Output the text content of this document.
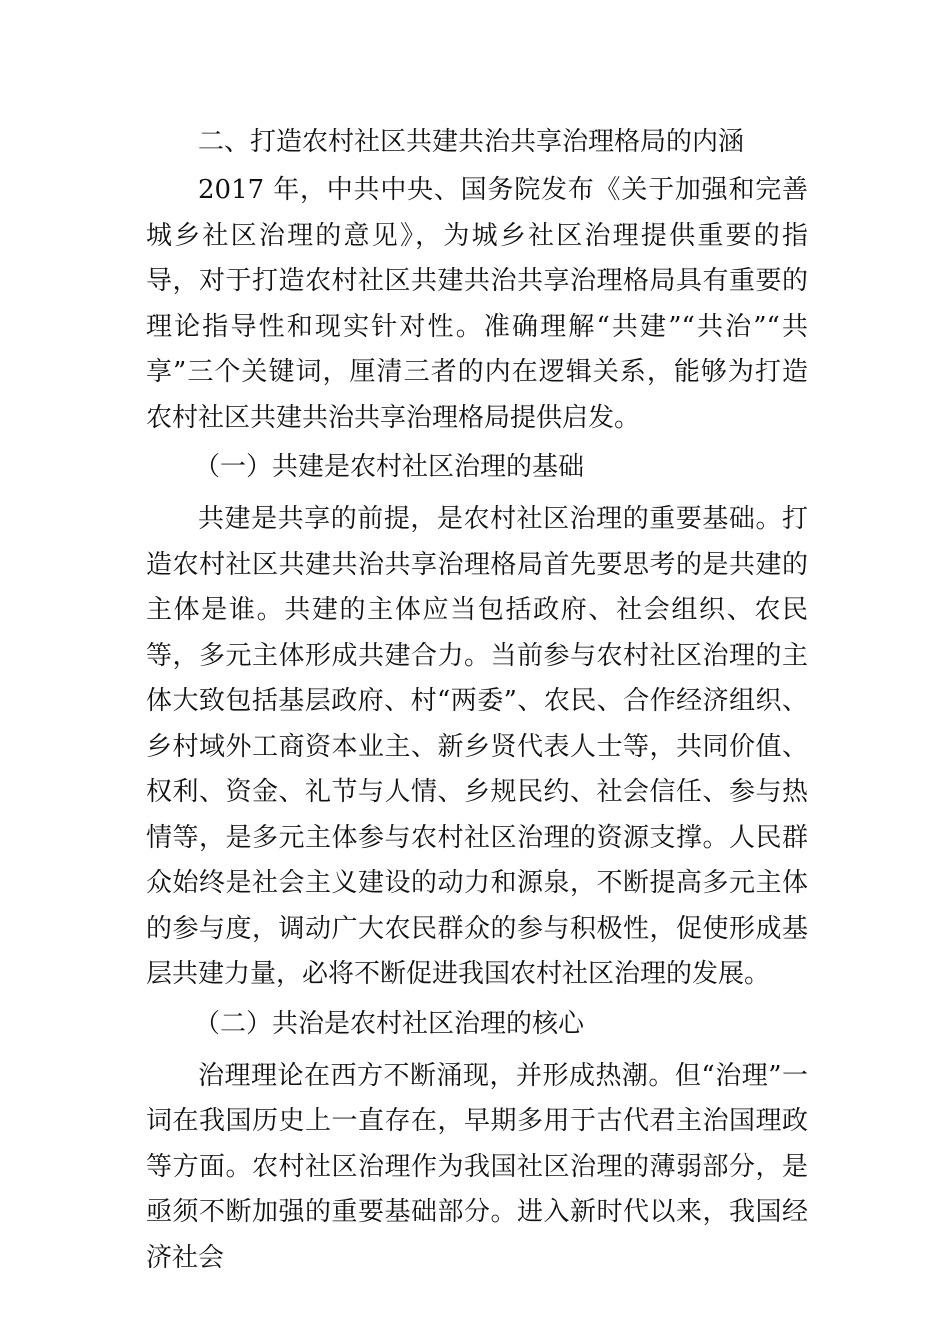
二、打造农村社区共建共治共享治理格局的内涵

2017 年，中共中央、国务院发布《关于加强和完善城乡社区治理的意见》，为城乡社区治理提供重要的指导，对于打造农村社区共建共治共享治理格局具有重要的理论指导性和现实针对性。准确理解“共建”“共治”“共享”三个关键词，厘清三者的内在逻辑关系，能够为打造农村社区共建共治共享治理格局提供启发。

（一）共建是农村社区治理的基础

共建是共享的前提，是农村社区治理的重要基础。打造农村社区共建共治共享治理格局首先要思考的是共建的主体是谁。共建的主体应当包括政府、社会组织、农民等，多元主体形成共建合力。当前参与农村社区治理的主体大致包括基层政府、村“两委”、农民、合作经济组织、乡村域外工商资本业主、新乡贤代表人士等，共同价值、权利、资金、礼节与人情、乡规民约、社会信任、参与热情等，是多元主体参与农村社区治理的资源支撑。人民群众始终是社会主义建设的动力和源泉，不断提高多元主体的参与度，调动广大农民群众的参与积极性，促使形成基层共建力量，必将不断促进我国农村社区治理的发展。

（二）共治是农村社区治理的核心

治理理论在西方不断涌现，并形成热潮。但“治理”一词在我国历史上一直存在，早期多用于古代君主治国理政等方面。农村社区治理作为我国社区治理的薄弱部分，是亟须不断加强的重要基础部分。进入新时代以来，我国经济社会
